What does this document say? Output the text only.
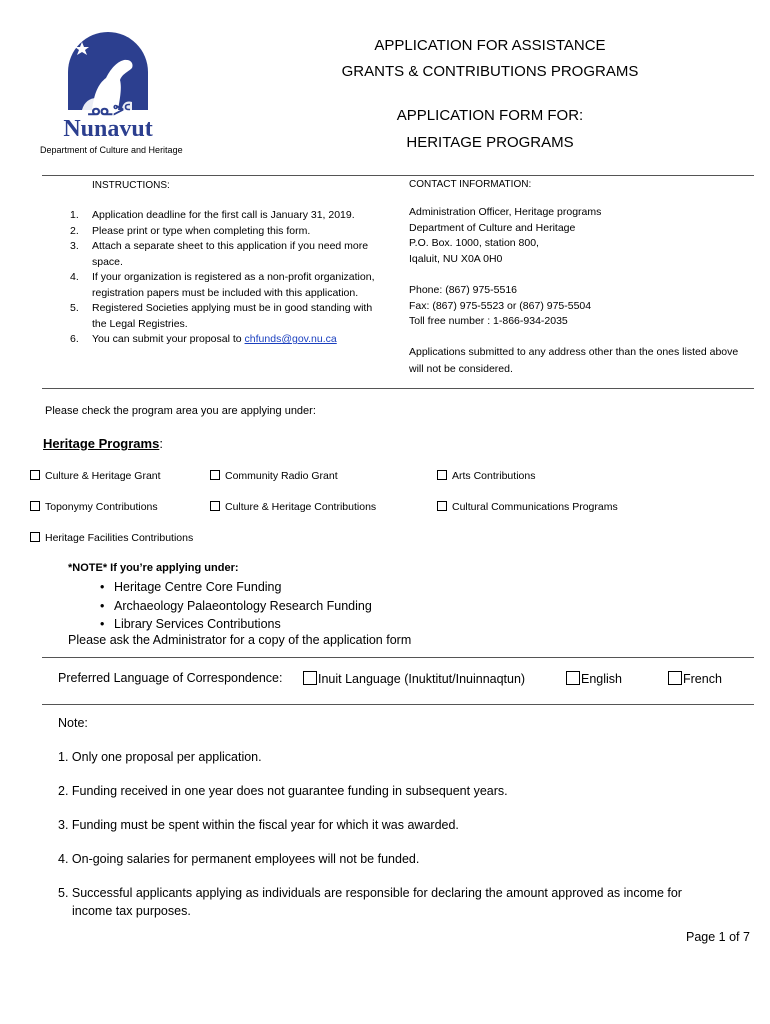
ᓄᓇᕗᑦ
Nunavut
Department of Culture and Heritage
APPLICATION FOR ASSISTANCE
GRANTS & CONTRIBUTIONS PROGRAMS
APPLICATION FORM FOR:
HERITAGE PROGRAMS
INSTRUCTIONS:
1. Application deadline for the first call is January 31, 2019.
2. Please print or type when completing this form.
3. Attach a separate sheet to this application if you need more space.
4. If your organization is registered as a non-profit organization, registration papers must be included with this application.
5. Registered Societies applying must be in good standing with the Legal Registries.
6. You can submit your proposal to chfunds@gov.nu.ca
CONTACT INFORMATION:
Administration Officer, Heritage programs
Department of Culture and Heritage
P.O. Box. 1000, station 800,
Iqaluit, NU X0A 0H0
Phone: (867) 975-5516
Fax: (867) 975-5523 or (867) 975-5504
Toll free number : 1-866-934-2035
Applications submitted to any address other than the ones listed above will not be considered.
Please check the program area you are applying under:
Heritage Programs:
Culture & Heritage Grant	Community Radio Grant	Arts Contributions
Toponymy Contributions	Culture & Heritage Contributions	Cultural Communications Programs
Heritage Facilities Contributions
*NOTE* If you’re applying under:
• Heritage Centre Core Funding
• Archaeology Palaeontology Research Funding
• Library Services Contributions
Please ask the Administrator for a copy of the application form
Preferred Language of Correspondence:	Inuit Language (Inuktitut/Inuinnaqtun)	English	French
Note:
1. Only one proposal per application.
2. Funding received in one year does not guarantee funding in subsequent years.
3. Funding must be spent within the fiscal year for which it was awarded.
4. On-going salaries for permanent employees will not be funded.
5. Successful applicants applying as individuals are responsible for declaring the amount approved as income for
income tax purposes.
Page 1 of 7
